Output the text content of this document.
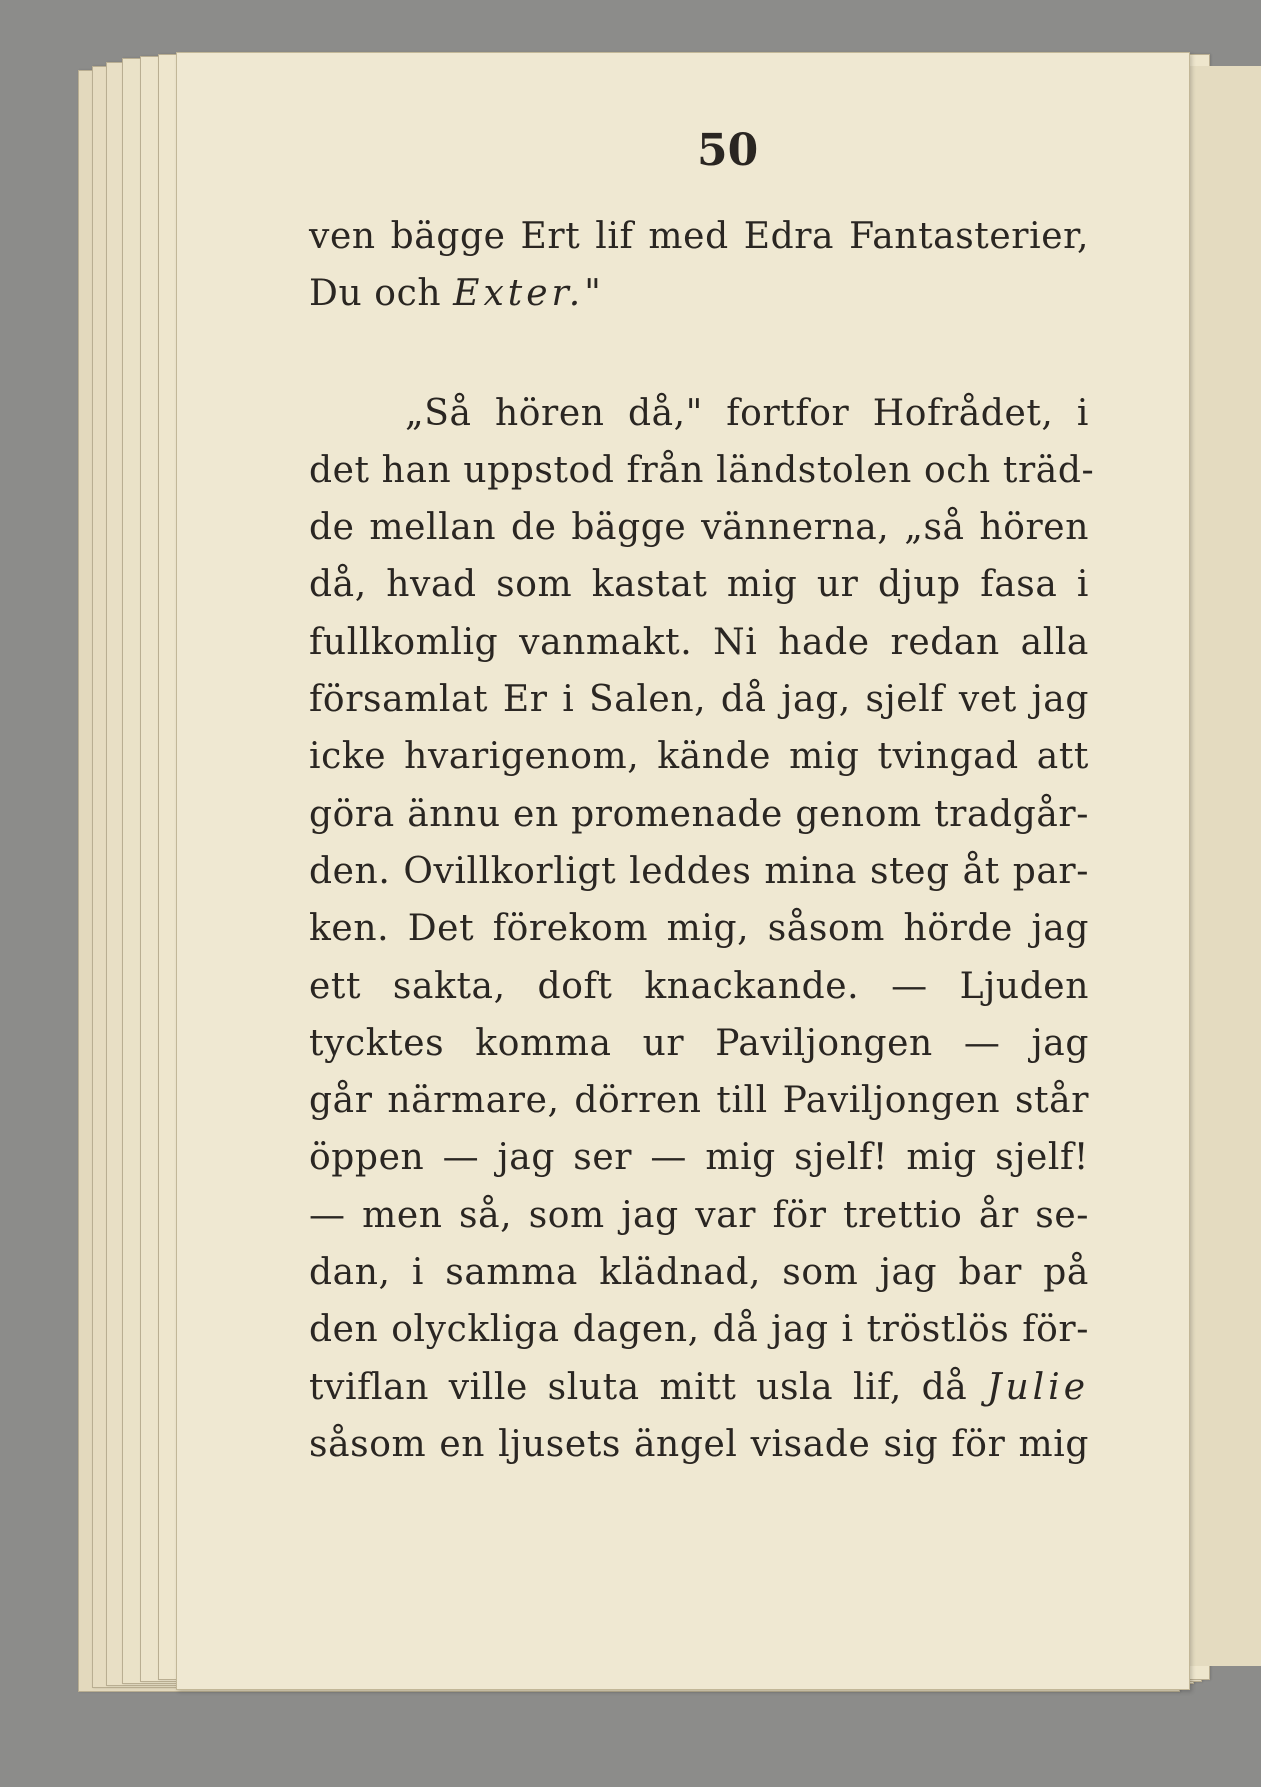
50
ven bägge Ert lif med Edra Fantasterier,
Du och Exter."
„Så hören då," fortfor Hofrådet, i
det han uppstod från ländstolen och träd-
de mellan de bägge vännerna, „så hören
då, hvad som kastat mig ur djup fasa i
fullkomlig vanmakt. Ni hade redan alla
församlat Er i Salen, då jag, sjelf vet jag
icke hvarigenom, kände mig tvingad att
göra ännu en promenade genom tradgår-
den. Ovillkorligt leddes mina steg åt par-
ken. Det förekom mig, såsom hörde jag
ett sakta, doft knackande. — Ljuden
tycktes komma ur Paviljongen — jag
går närmare, dörren till Paviljongen står
öppen — jag ser — mig sjelf! mig sjelf!
— men så, som jag var för trettio år se-
dan, i samma klädnad, som jag bar på
den olyckliga dagen, då jag i tröstlös för-
tviflan ville sluta mitt usla lif, då Julie
såsom en ljusets ängel visade sig för mig
